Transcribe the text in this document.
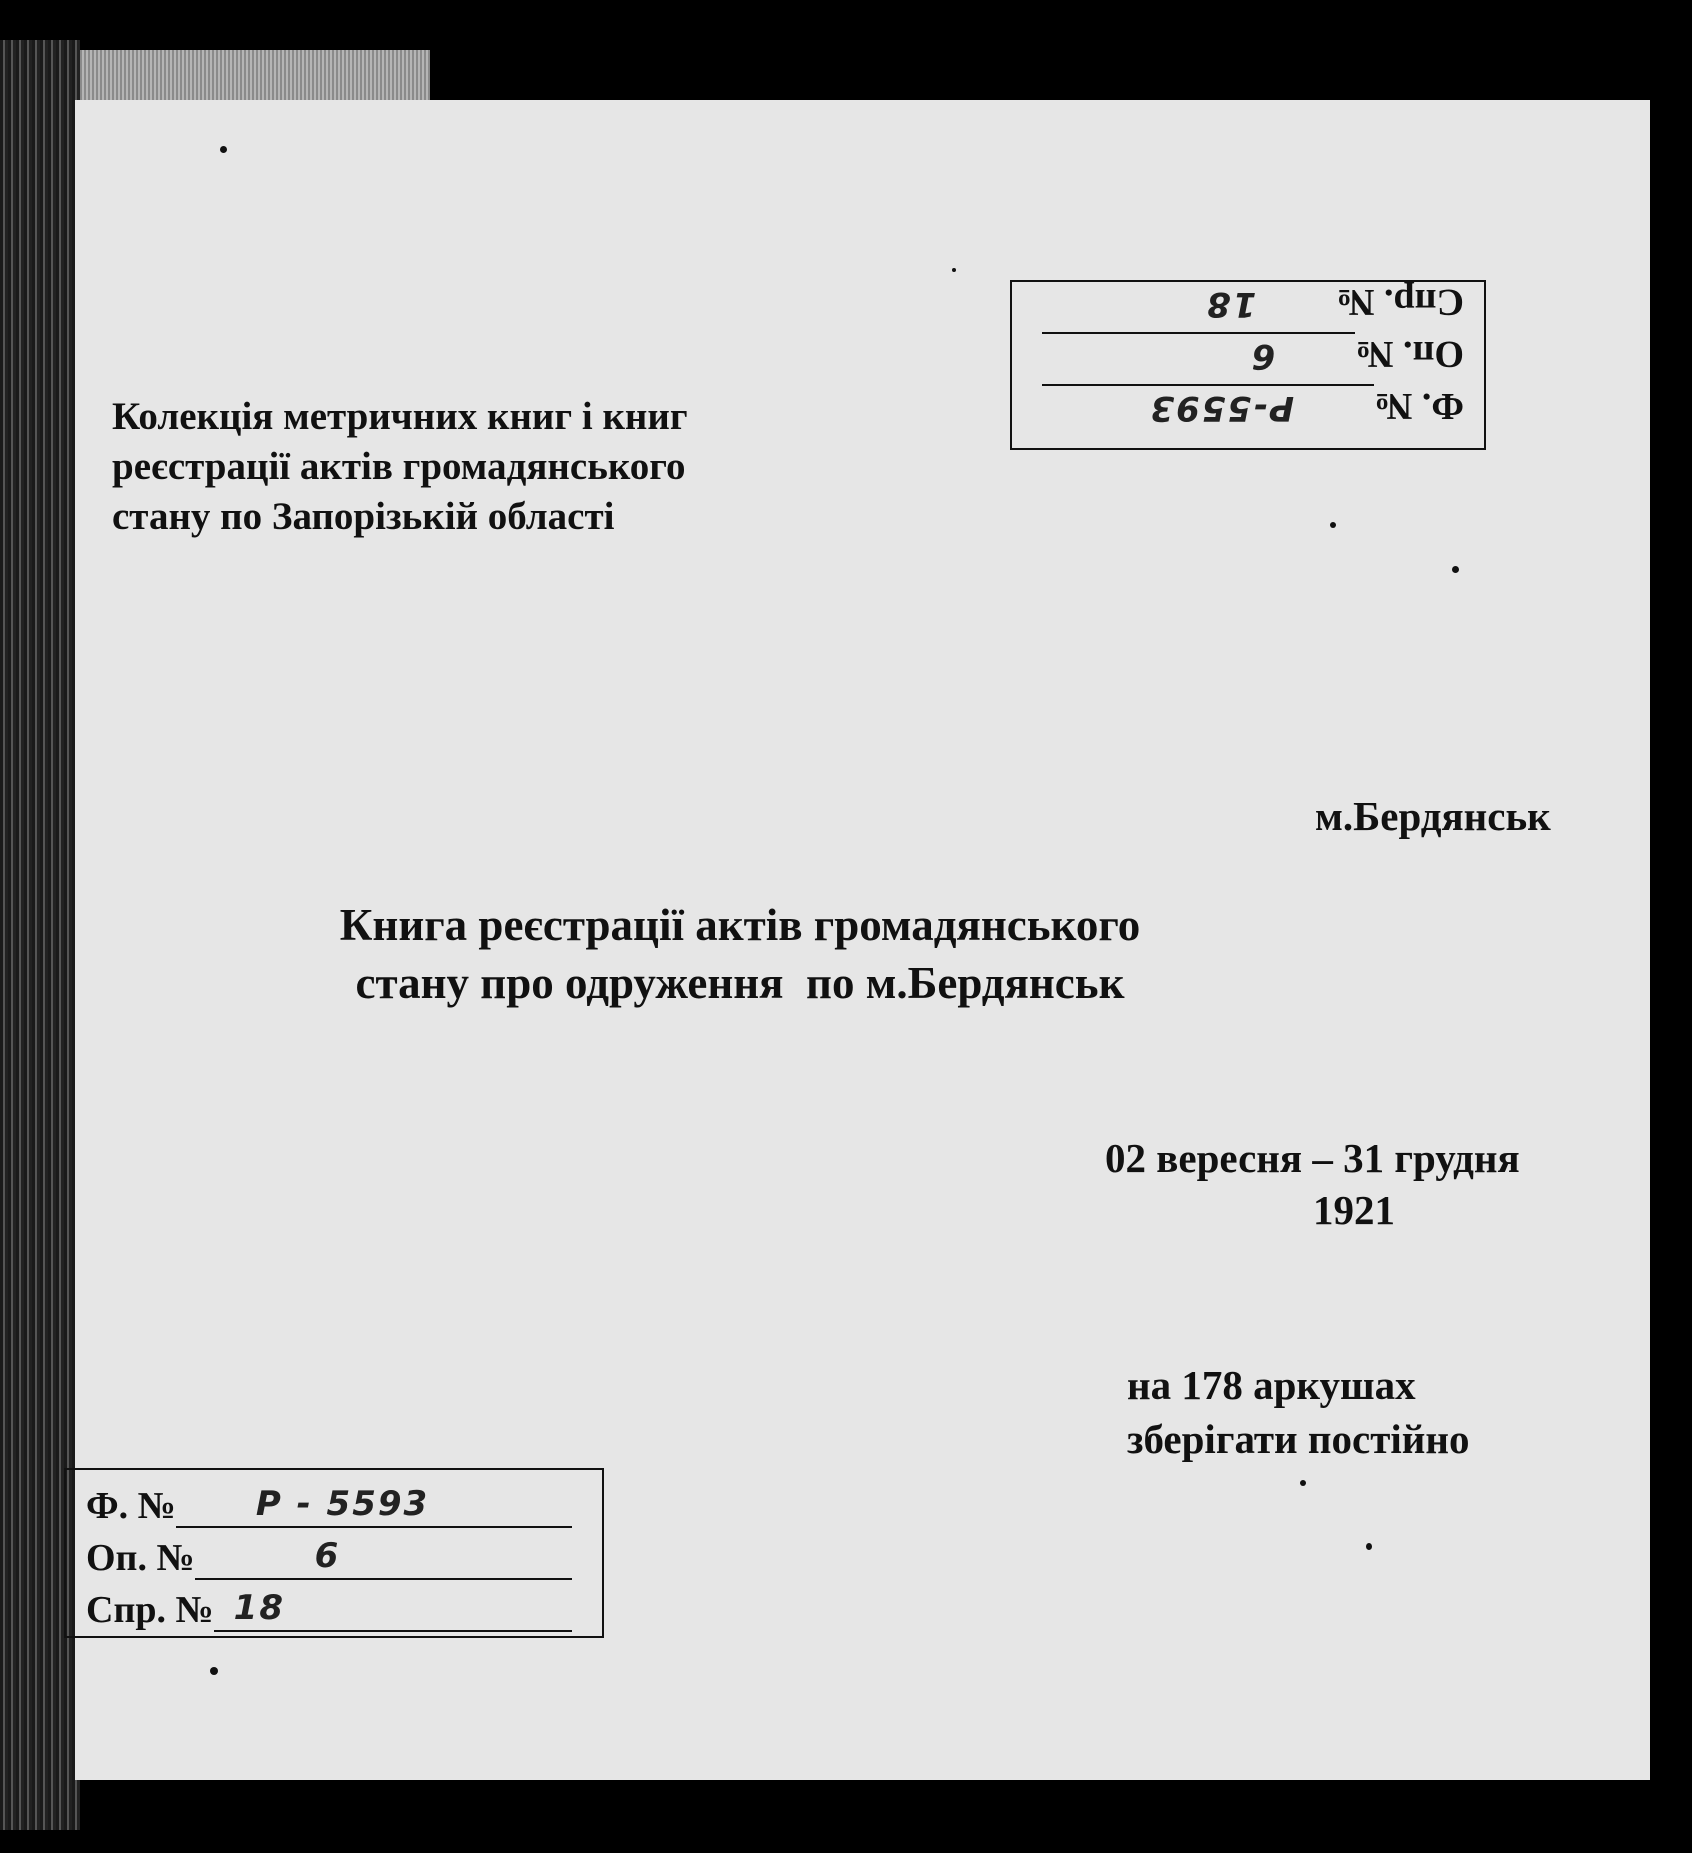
Ф. №
Р-5593
Оп. №
6
Спр. №
18
Колекція метричних книг і книг
реєстрації актів громадянського
стану по Запорізькій області
м.Бердянськ
Книга реєстрації актів громадянського
стану про одруження  по м.Бердянськ
02 вересня – 31 грудня
1921
на 178 аркушах
зберігати постійно
Ф. № Р - 5593
Оп. №	6
Спр. № 18
